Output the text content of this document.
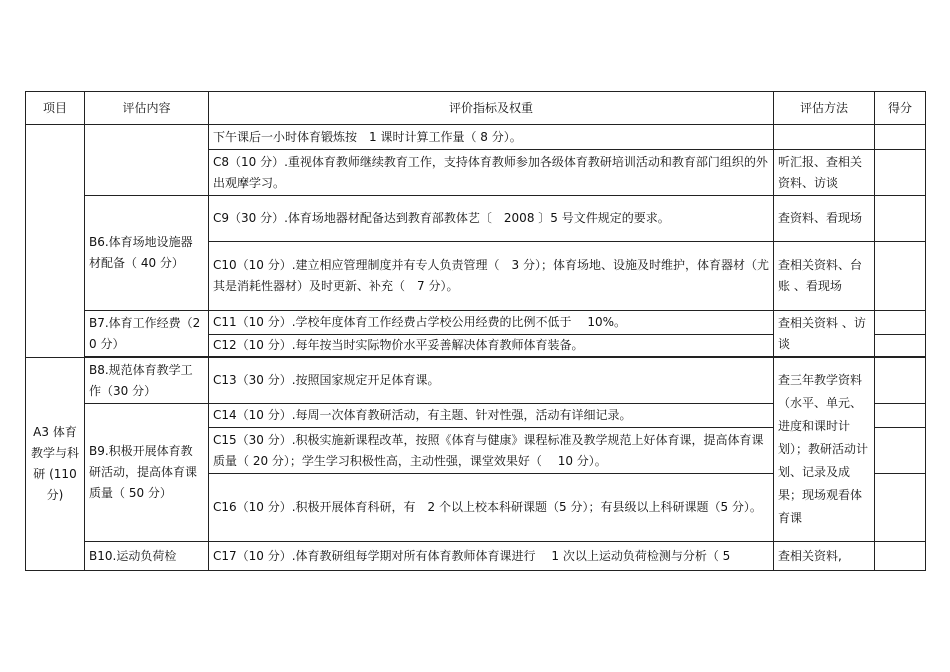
项目	评估内容	评价指标及权重	评估方法	得分
		下午课后一小时体育锻炼按　1 课时计算工作量（ 8 分）。		
		C8（10 分）.重视体育教师继续教育工作，支持体育教师参加各级体育教研培训活动和教育部门组织的外出观摩学习。	听汇报、查相关资料、访谈	
	B6.体育场地设施器材配备（ 40 分）	C9（30 分）.体育场地器材配备达到教育部教体艺〔　2008 〕5 号文件规定的要求。	查资料、看现场	
		C10（10 分）.建立相应管理制度并有专人负责管理（　3 分）；体育场地、设施及时维护，体育器材（尤其是消耗性器材）及时更新、补充（　7 分）。	查相关资料、台账 、看现场	
	B7.体育工作经费（20 分）	C11（10 分）.学校年度体育工作经费占学校公用经费的比例不低于　 10%。	查相关资料 、访谈	
		C12（10 分）.每年按当时实际物价水平妥善解决体育教师体育装备。		

A3 体育教学与科研 (110 分)	B8.规范体育教学工作（30 分）	C13（30 分）.按照国家规定开足体育课。	查三年教学资料（水平、单元、进度和课时计划）；教研活动计划、记录及成果；现场观看体育课	
	B9.积极开展体育教研活动，提高体育课质量（ 50 分）	C14（10 分）.每周一次体育教研活动，有主题、针对性强，活动有详细记录。		
		C15（30 分）.积极实施新课程改革，按照《体育与健康》课程标准及教学规范上好体育课，提高体育课质量（ 20 分）；学生学习积极性高，主动性强，课堂效果好（　 10 分）。		
		C16（10 分）.积极开展体育科研，有　2 个以上校本科研课题（5 分）；有县级以上科研课题（5 分）。		
	B10.运动负荷检	C17（10 分）.体育教研组每学期对所有体育教师体育课进行　 1 次以上运动负荷检测与分析（ 5	查相关资料,	
